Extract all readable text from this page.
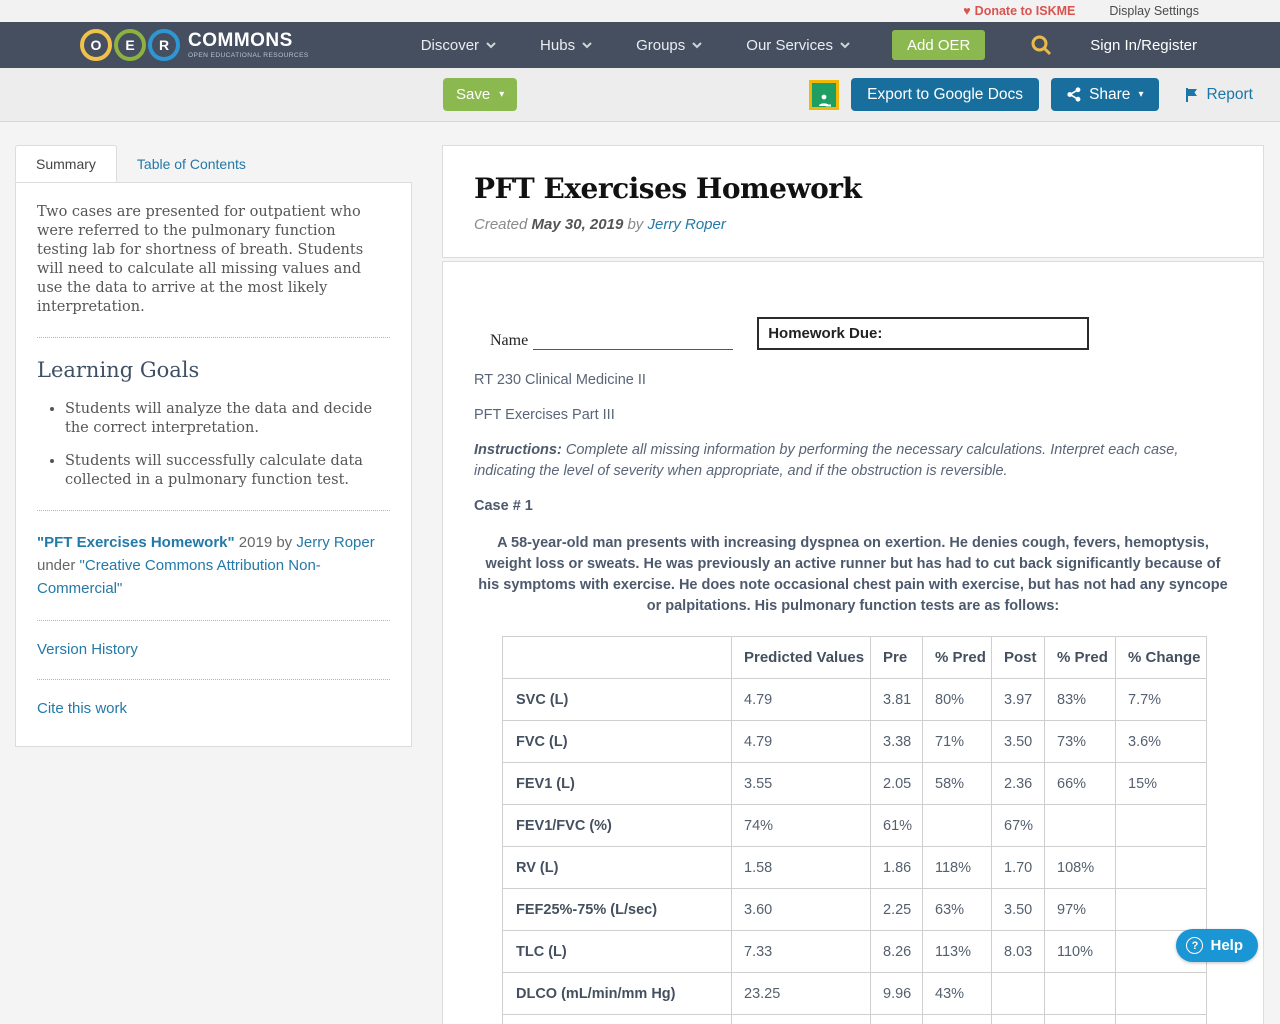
♥ Donate to ISKME	Display Settings
O	E	R COMMONS
OPEN EDUCATIONAL RESOURCES
Discover	Hubs	Groups	Our Services	Add OER	Sign In/Register
Save ▾	Export to Google Docs	Share ▾	Report
Summary	Table of Contents

Two cases are presented for outpatient who were referred to the pulmonary function testing lab for shortness of breath. Students will need to calculate all missing values and use the data to arrive at the most likely interpretation.

Learning Goals
• Students will analyze the data and decide the correct interpretation.
• Students will successfully calculate data collected in a pulmonary function test.
"PFT Exercises Homework" 2019 by Jerry Roper
under "Creative Commons Attribution Non-Commercial"
Version History
Cite this work
PFT Exercises Homework
Created May 30, 2019 by Jerry Roper
Name	Homework Due:

RT 230 Clinical Medicine II

PFT Exercises Part III

Instructions: Complete all missing information by performing the necessary calculations. Interpret each case, indicating the level of severity when appropriate, and if the obstruction is reversible.

Case # 1

A 58-year-old man presents with increasing dyspnea on exertion. He denies cough, fevers, hemoptysis, weight loss or sweats. He was previously an active runner but has had to cut back significantly because of his symptoms with exercise. He does note occasional chest pain with exercise, but has not had any syncope or palpitations. His pulmonary function tests are as follows:

	Predicted Values	Pre	% Pred	Post	% Pred	% Change
SVC (L)	4.79	3.81	80%	3.97	83%	7.7%
FVC (L)	4.79	3.38	71%	3.50	73%	3.6%
FEV1 (L)	3.55	2.05	58%	2.36	66%	15%
FEV1/FVC (%)	74%	61%		67%		
RV (L)	1.58	1.86	118%	1.70	108%	
FEF25%-75% (L/sec)	3.60	2.25	63%	3.50	97%	
TLC (L)	7.33	8.26	113%	8.03	110%	
DLCO (mL/min/mm Hg)	23.25	9.96	43%			

? Help
